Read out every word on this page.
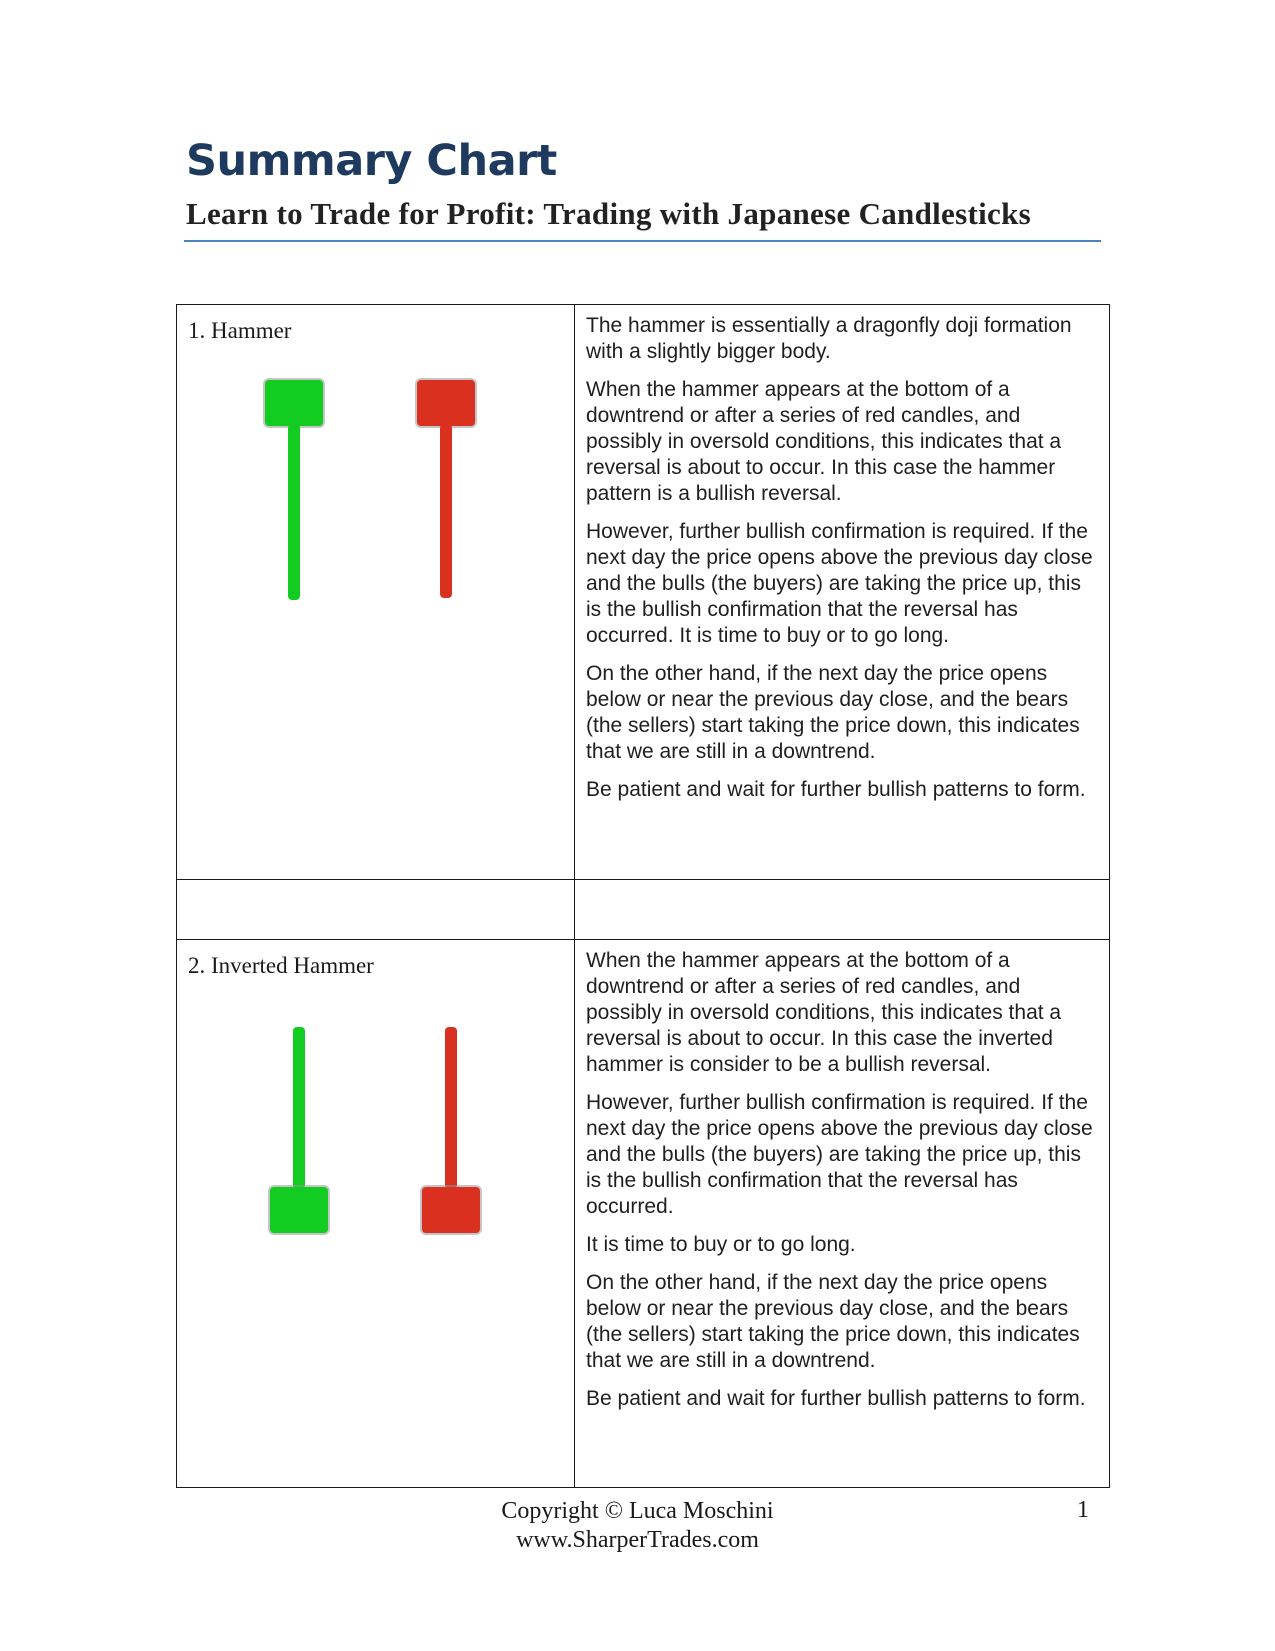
Summary Chart
Learn to Trade for Profit: Trading with Japanese Candlesticks
1. Hammer	The hammer is essentially a dragonfly doji formation with a slightly bigger body.

When the hammer appears at the bottom of a downtrend or after a series of red candles, and possibly in oversold conditions, this indicates that a reversal is about to occur. In this case the hammer pattern is a bullish reversal.

However, further bullish confirmation is required. If the next day the price opens above the previous day close and the bulls (the buyers) are taking the price up, this is the bullish confirmation that the reversal has occurred. It is time to buy or to go long.

On the other hand, if the next day the price opens below or near the previous day close, and the bears (the sellers) start taking the price down, this indicates that we are still in a downtrend.

Be patient and wait for further bullish patterns to form.

2. Inverted Hammer	When the hammer appears at the bottom of a downtrend or after a series of red candles, and possibly in oversold conditions, this indicates that a reversal is about to occur. In this case the inverted hammer is consider to be a bullish reversal.

However, further bullish confirmation is required. If the next day the price opens above the previous day close and the bulls (the buyers) are taking the price up, this is the bullish confirmation that the reversal has occurred.

It is time to buy or to go long.

On the other hand, if the next day the price opens below or near the previous day close, and the bears (the sellers) start taking the price down, this indicates that we are still in a downtrend.

Be patient and wait for further bullish patterns to form.

Copyright © Luca Moschini
www.SharperTrades.com
1
